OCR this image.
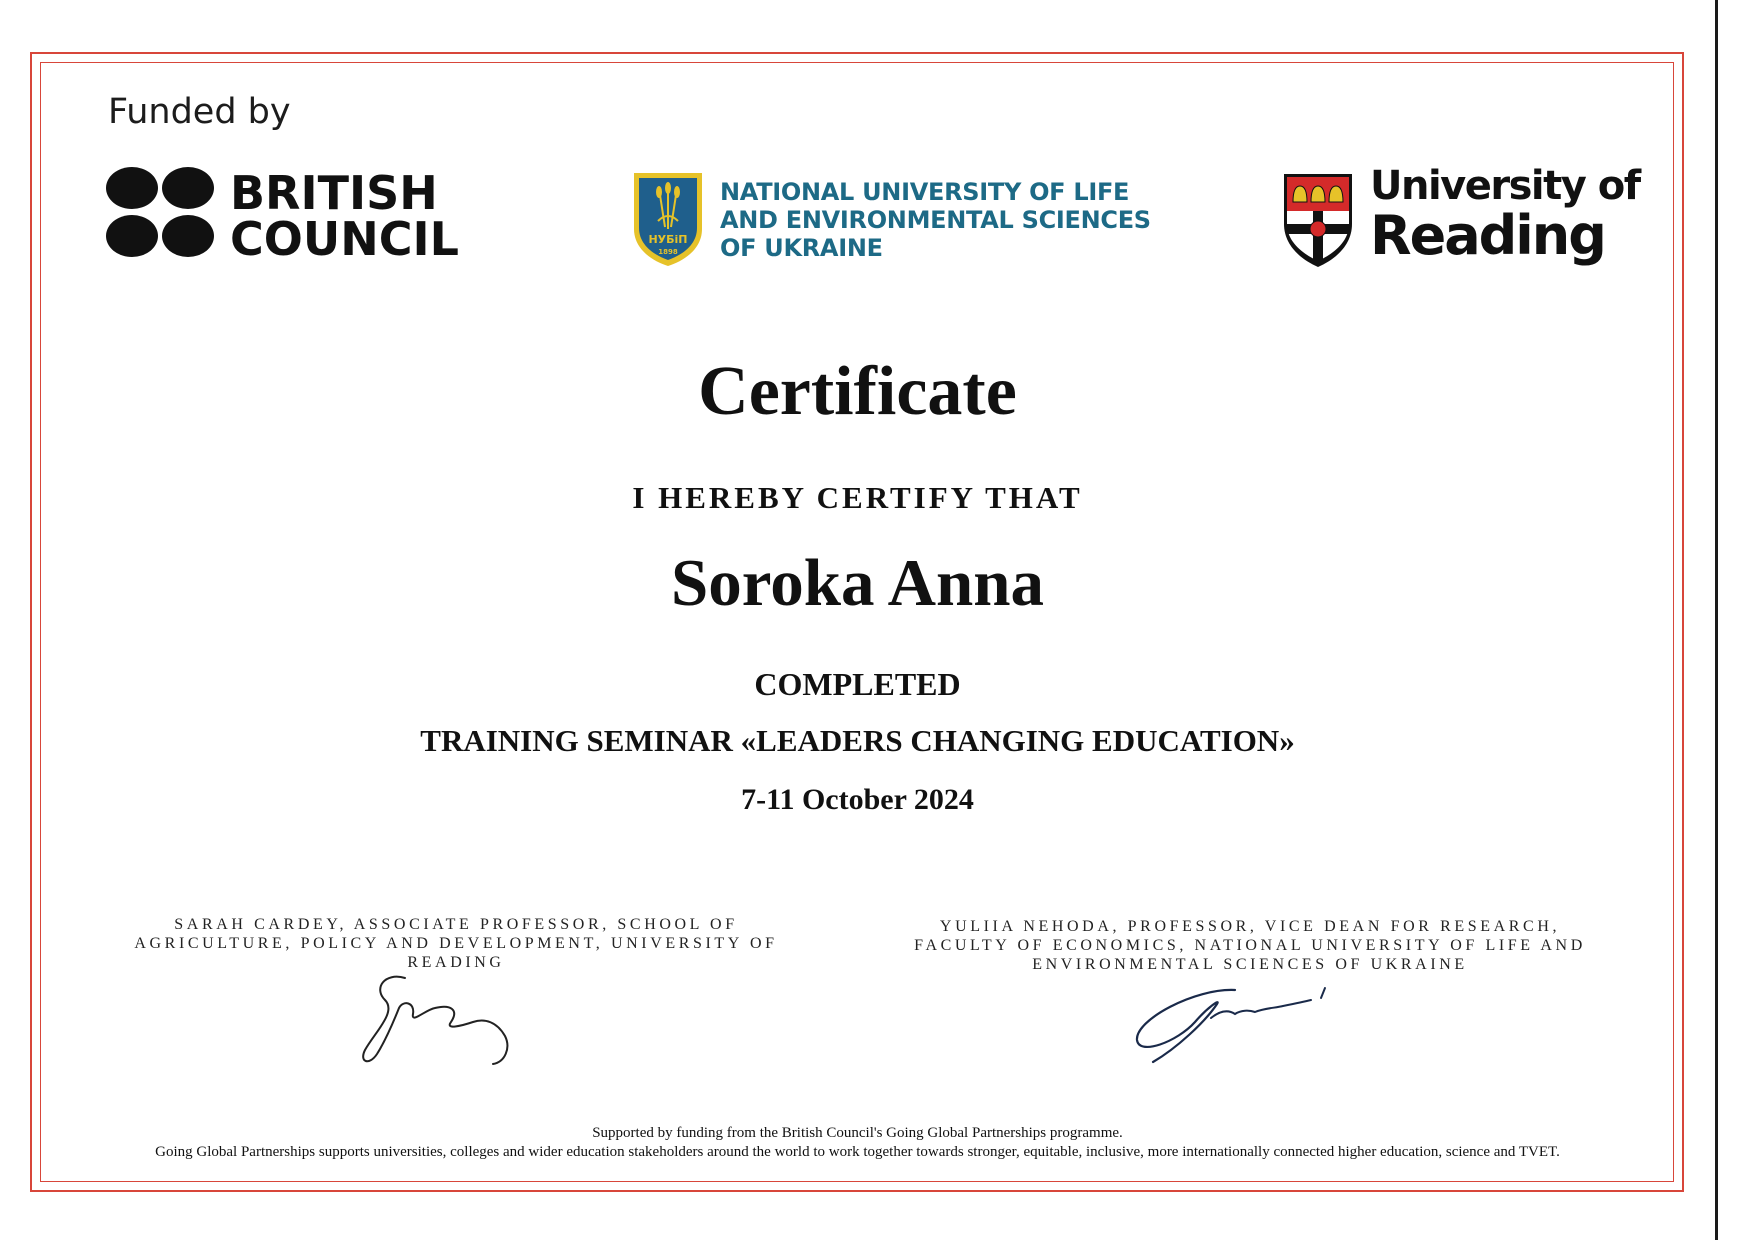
Funded by
BRITISH
COUNCIL	НУБіП
1898
NATIONAL UNIVERSITY OF LIFE
AND ENVIRONMENTAL SCIENCES
OF UKRAINE
University of
Reading
Certificate
I HEREBY CERTIFY THAT
Soroka Anna
COMPLETED
TRAINING SEMINAR «LEADERS CHANGING EDUCATION»
7-11 October 2024
SARAH CARDEY, ASSOCIATE PROFESSOR, SCHOOL OF
AGRICULTURE, POLICY AND DEVELOPMENT, UNIVERSITY OF
READING
YULIIA NEHODA, PROFESSOR, VICE DEAN FOR RESEARCH,
FACULTY OF ECONOMICS, NATIONAL UNIVERSITY OF LIFE AND
ENVIRONMENTAL SCIENCES OF UKRAINE
Supported by funding from the British Council's Going Global Partnerships programme.
Going Global Partnerships supports universities, colleges and wider education stakeholders around the world to work together towards stronger, equitable, inclusive, more internationally connected higher education, science and TVET.
